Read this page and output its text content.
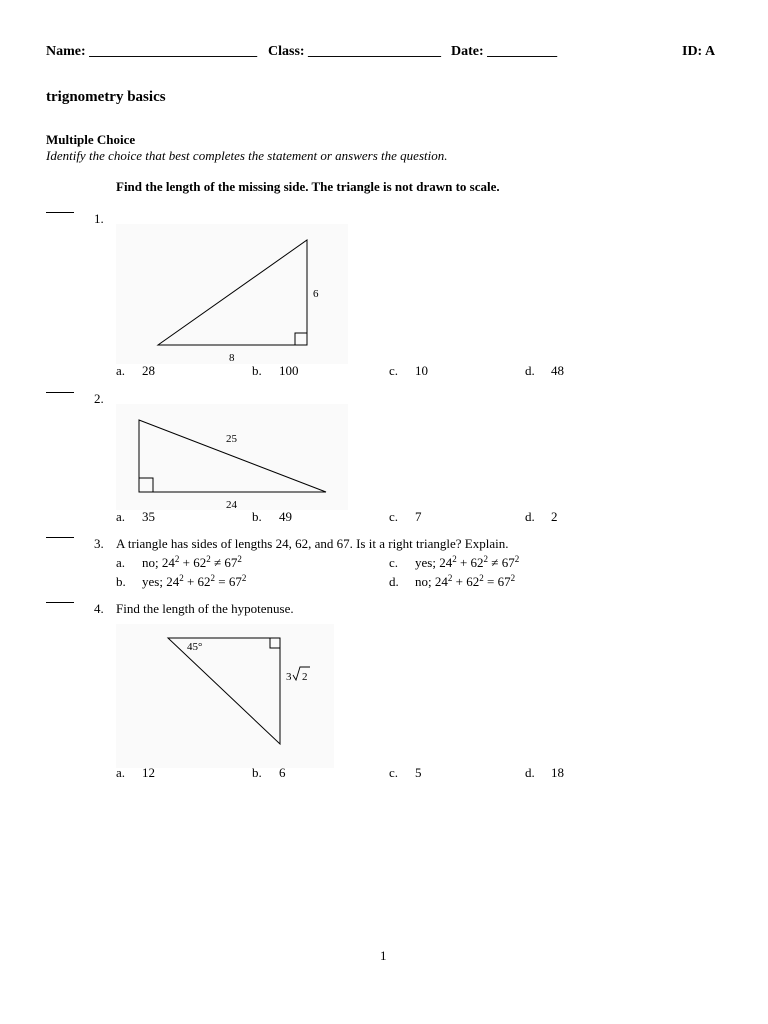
Name: ________________________ Class: ___________________ Date: __________	ID: A
trignometry basics
Multiple Choice
Identify the choice that best completes the statement or answers the question.
Find the length of the missing side. The triangle is not drawn to scale.
1.
6
8
a. 28	b. 100	c. 10	d. 48
2.
25
24
a. 35	b. 49	c. 7	d. 2
3. A triangle has sides of lengths 24, 62, and 67. Is it a right triangle? Explain.
a. no; $24^2 + 62^2 \ne 67^2$
b. yes; $24^2 + 62^2 = 67^2$
c. yes; $24^2 + 62^2 \ne 67^2$
d. no; $24^2 + 62^2 = 67^2$
4. Find the length of the hypotenuse.
45°
3 2
a. 12	b. 6	c. 5	d. 18
1
